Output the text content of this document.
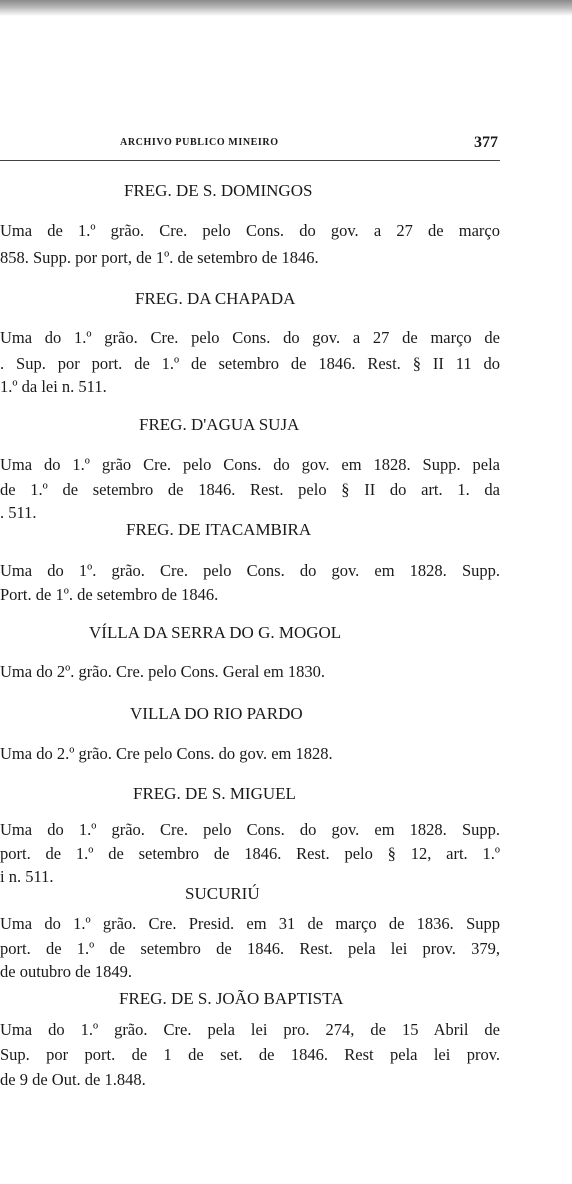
ARCHIVO PUBLICO MINEIRO	377
FREG. DE S. DOMINGOS
Uma de 1.º grão. Cre. pelo Cons. do gov. a 27 de março
858. Supp. por port, de 1º. de setembro de 1846.
FREG. DA CHAPADA
Uma do 1.º grão. Cre. pelo Cons. do gov. a 27 de março de
. Sup. por port. de 1.º de setembro de 1846. Rest. § II 11 do
1.º da lei n. 511.
FREG. D'AGUA SUJA
Uma do 1.º grão Cre. pelo Cons. do gov. em 1828. Supp. pela
de 1.º de setembro de 1846. Rest. pelo § II do art. 1. da
. 511.
FREG. DE ITACAMBIRA
Uma do 1º. grão. Cre. pelo Cons. do gov. em 1828. Supp.
Port. de 1º. de setembro de 1846.
VÍLLA DA SERRA DO G. MOGOL
Uma do 2º. grão. Cre. pelo Cons. Geral em 1830.
VILLA DO RIO PARDO
Uma do 2.º grão. Cre pelo Cons. do gov. em 1828.
FREG. DE S. MIGUEL
Uma do 1.º grão. Cre. pelo Cons. do gov. em 1828. Supp.
port. de 1.º de setembro de 1846. Rest. pelo § 12, art. 1.º
i n. 511.
SUCURIÚ
Uma do 1.º grão. Cre. Presid. em 31 de março de 1836. Supp
port. de 1.º de setembro de 1846. Rest. pela lei prov. 379,
de outubro de 1849.
FREG. DE S. JOÃO BAPTISTA
Uma do 1.º grão. Cre. pela lei pro. 274, de 15 Abril de
Sup. por port. de 1 de set. de 1846. Rest pela lei prov.
de 9 de Out. de 1.848.
